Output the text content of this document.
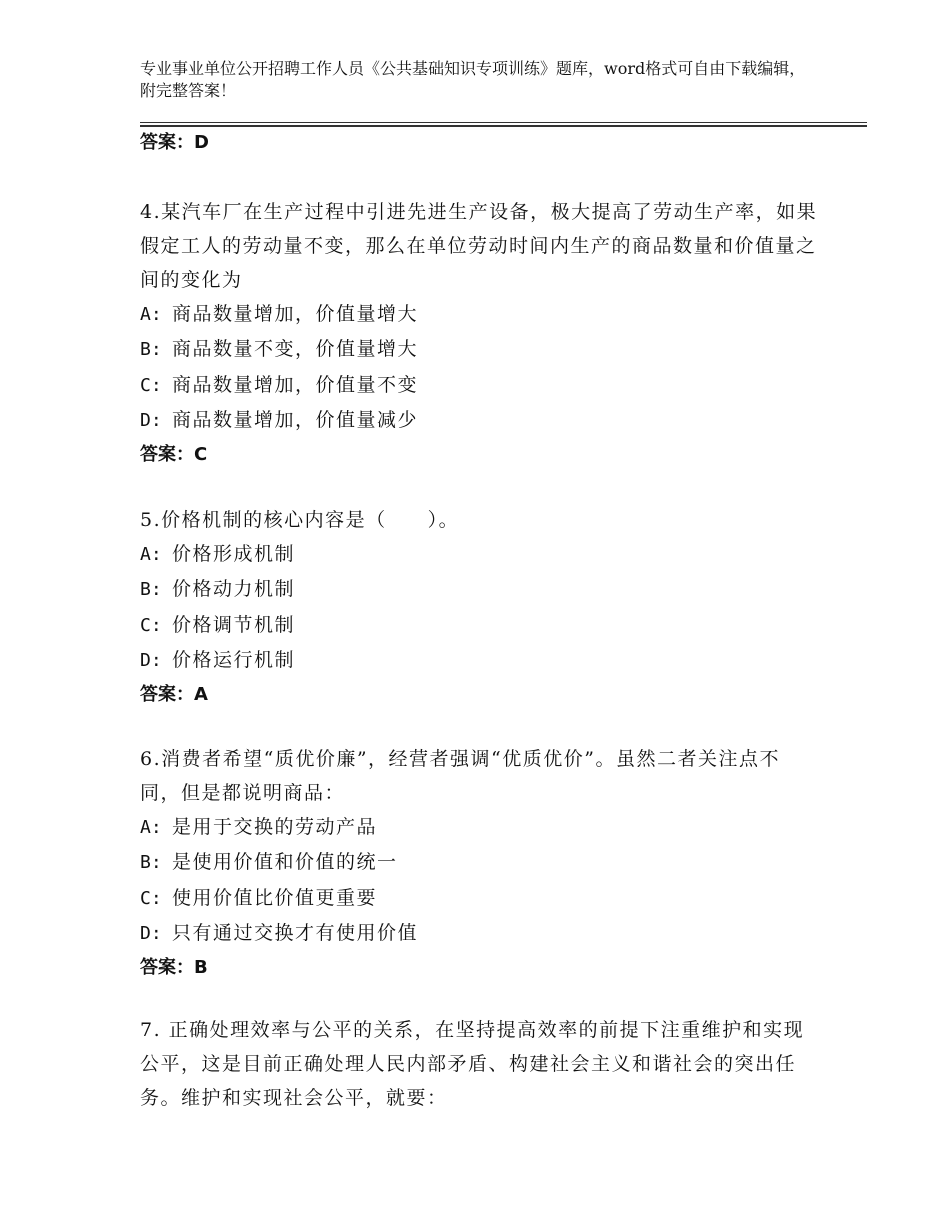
专业事业单位公开招聘工作人员《公共基础知识专项训练》题库，word格式可自由下载编辑，附完整答案！
答案：D
4.某汽车厂在生产过程中引进先进生产设备，极大提高了劳动生产率，如果假定工人的劳动量不变，那么在单位劳动时间内生产的商品数量和价值量之间的变化为
A: 商品数量增加，价值量增大
B: 商品数量不变，价值量增大
C: 商品数量增加，价值量不变
D: 商品数量增加，价值量减少
答案：C
5.价格机制的核心内容是（　　）。
A: 价格形成机制
B: 价格动力机制
C: 价格调节机制
D: 价格运行机制
答案：A
6.消费者希望“质优价廉”，经营者强调“优质优价”。虽然二者关注点不同，但是都说明商品：
A: 是用于交换的劳动产品
B: 是使用价值和价值的统一
C: 使用价值比价值更重要
D: 只有通过交换才有使用价值
答案：B
7. 正确处理效率与公平的关系，在坚持提高效率的前提下注重维护和实现公平，这是目前正确处理人民内部矛盾、构建社会主义和谐社会的突出任务。维护和实现社会公平，就要：
